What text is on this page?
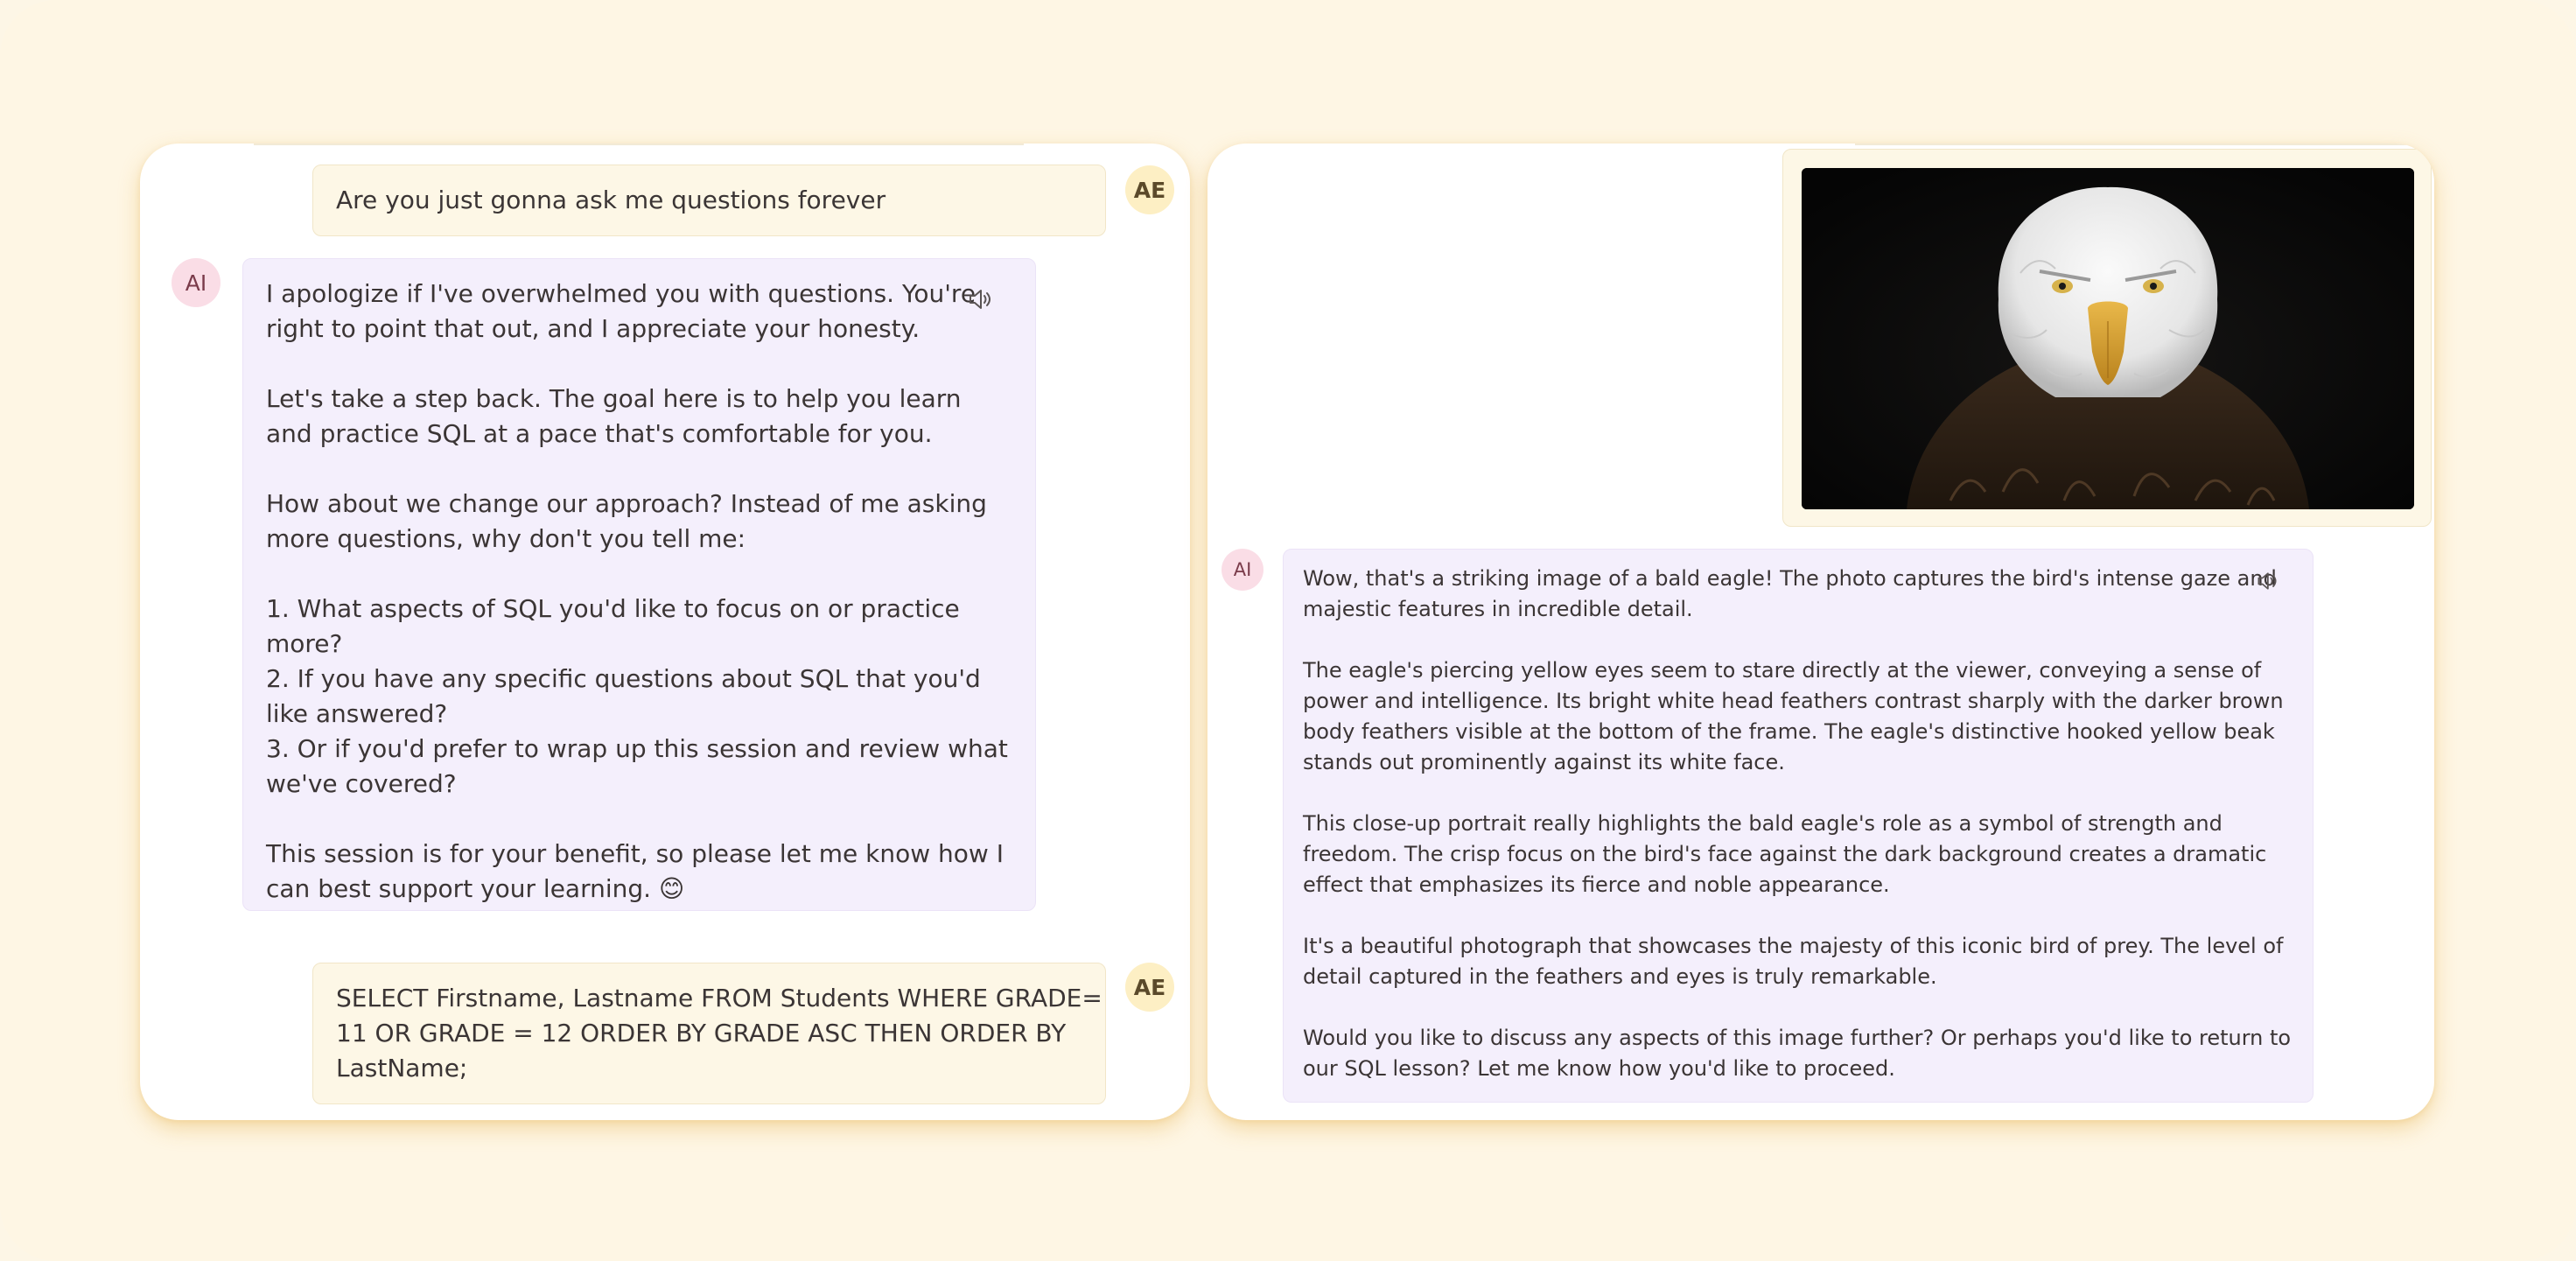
Are you just gonna ask me questions forever	AE
AI	I apologize if I've overwhelmed you with questions. You're
right to point that out, and I appreciate your honesty.

Let's take a step back. The goal here is to help you learn
and practice SQL at a pace that's comfortable for you.

How about we change our approach? Instead of me asking
more questions, why don't you tell me:

1. What aspects of SQL you'd like to focus on or practice
more?
2. If you have any specific questions about SQL that you'd
like answered?
3. Or if you'd prefer to wrap up this session and review what
we've covered?

This session is for your benefit, so please let me know how I
can best support your learning. 😊
SELECT Firstname, Lastname FROM Students WHERE GRADE=
11 OR GRADE = 12 ORDER BY GRADE ASC THEN ORDER BY
LastName;
AE
AI	Wow, that's a striking image of a bald eagle! The photo captures the bird's intense gaze and
majestic features in incredible detail.

The eagle's piercing yellow eyes seem to stare directly at the viewer, conveying a sense of
power and intelligence. Its bright white head feathers contrast sharply with the darker brown
body feathers visible at the bottom of the frame. The eagle's distinctive hooked yellow beak
stands out prominently against its white face.

This close-up portrait really highlights the bald eagle's role as a symbol of strength and
freedom. The crisp focus on the bird's face against the dark background creates a dramatic
effect that emphasizes its fierce and noble appearance.

It's a beautiful photograph that showcases the majesty of this iconic bird of prey. The level of
detail captured in the feathers and eyes is truly remarkable.

Would you like to discuss any aspects of this image further? Or perhaps you'd like to return to
our SQL lesson? Let me know how you'd like to proceed.
